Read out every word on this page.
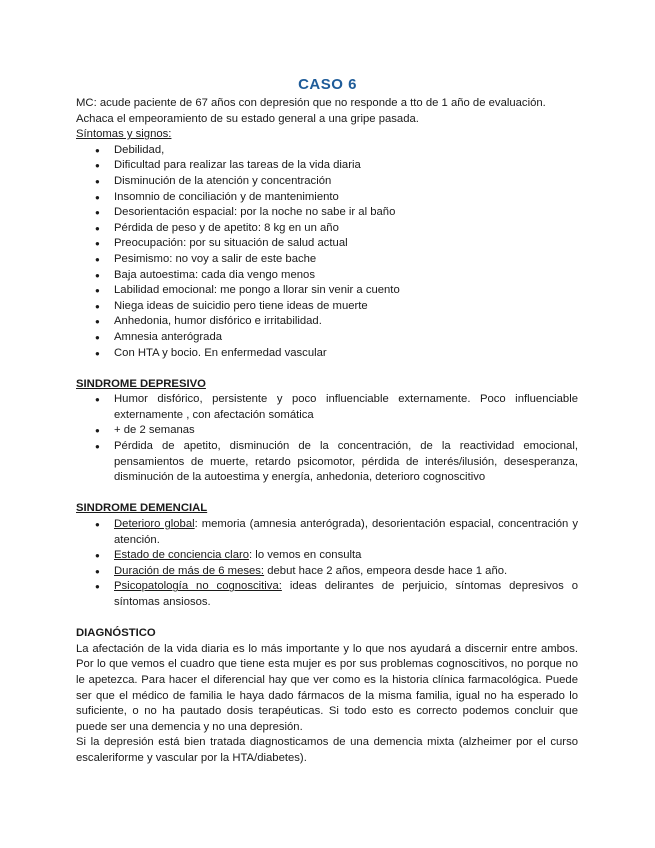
CASO 6

MC: acude paciente de 67 años con depresión que no responde a tto de 1 año de evaluación.

Achaca el empeoramiento de su estado general a una gripe pasada.

Síntomas y signos:

● Debilidad,
● Dificultad para realizar las tareas de la vida diaria
● Disminución de la atención y concentración
● Insomnio de conciliación y de mantenimiento
● Desorientación espacial: por la noche no sabe ir al baño
● Pérdida de peso y de apetito: 8 kg en un año
● Preocupación: por su situación de salud actual
● Pesimismo: no voy a salir de este bache
● Baja autoestima: cada dia vengo menos
● Labilidad emocional: me pongo a llorar sin venir a cuento
● Niega ideas de suicidio pero tiene ideas de muerte
● Anhedonia, humor disfórico e irritabilidad.
● Amnesia anterógrada
● Con HTA y bocio. En enfermedad vascular

SINDROME DEPRESIVO

● Humor disfórico, persistente y poco influenciable externamente. Poco influenciable externamente , con afectación somática
● + de 2 semanas
● Pérdida de apetito, disminución de la concentración, de la reactividad emocional, pensamientos de muerte, retardo psicomotor, pérdida de interés/ilusión, desesperanza, disminución de la autoestima y energía, anhedonia, deterioro cognoscitivo

SINDROME DEMENCIAL

● Deterioro global: memoria (amnesia anterógrada), desorientación espacial, concentración y atención.
● Estado de conciencia claro: lo vemos en consulta
● Duración de más de 6 meses: debut hace 2 años, empeora desde hace 1 año.
● Psicopatología no cognoscitiva: ideas delirantes de perjuicio, síntomas depresivos o síntomas ansiosos.

DIAGNÓSTICO

La afectación de la vida diaria es lo más importante y lo que nos ayudará a discernir entre ambos. Por lo que vemos el cuadro que tiene esta mujer es por sus problemas cognoscitivos, no porque no le apetezca. Para hacer el diferencial hay que ver como es la historia clínica farmacológica. Puede ser que el médico de familia le haya dado fármacos de la misma familia, igual no ha esperado lo suficiente, o no ha pautado dosis terapéuticas. Si todo esto es correcto podemos concluir que puede ser una demencia y no una depresión.

Si la depresión está bien tratada diagnosticamos de una demencia mixta (alzheimer por el curso escaleriforme y vascular por la HTA/diabetes).
